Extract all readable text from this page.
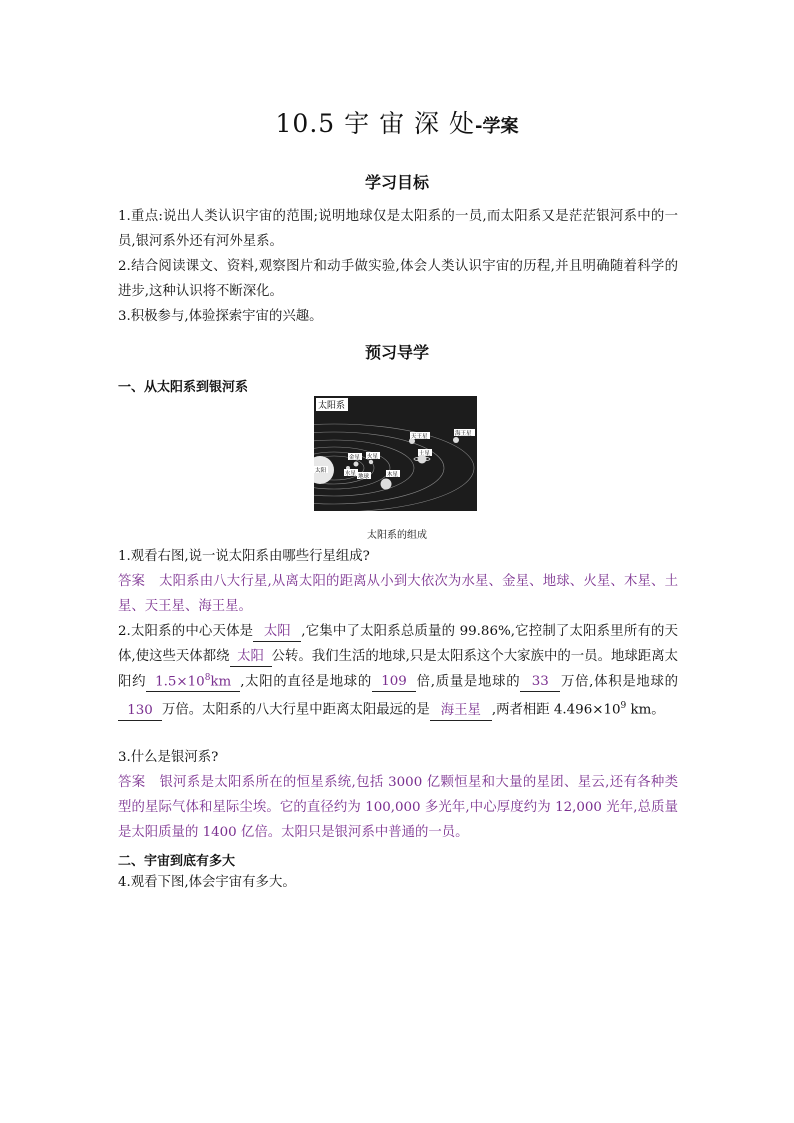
10.5 宇 宙 深 处-学案
学习目标
1.重点:说出人类认识宇宙的范围;说明地球仅是太阳系的一员,而太阳系又是茫茫银河系中的一员,银河系外还有河外星系。
2.结合阅读课文、资料,观察图片和动手做实验,体会人类认识宇宙的历程,并且明确随着科学的进步,这种认识将不断深化。
3.积极参与,体验探索宇宙的兴趣。
预习导学
一、从太阳系到银河系
太阳系
太阳	水星
金星
地球
火星
木星
土星
天王星	海王星
太阳系的组成
1.观看右图,说一说太阳系由哪些行星组成?
答案 太阳系由八大行星,从离太阳的距离从小到大依次为水星、金星、地球、火星、木星、土星、天王星、海王星。
2.太阳系的中心天体是 太阳 ,它集中了太阳系总质量的 99.86%,它控制了太阳系里所有的天体,使这些天体都绕 太阳 公转。我们生活的地球,只是太阳系这个大家族中的一员。地球距离太阳约 $1.5\times 10^8km$ ,太阳的直径是地球的 109 倍,质量是地球的 33 万倍,体积是地球的130 万倍。太阳系的八大行星中距离太阳最远的是 海王星 ,两者相距 $4.496\times 10^9$ km。
3.什么是银河系?
答案 银河系是太阳系所在的恒星系统,包括 3000 亿颗恒星和大量的星团、星云,还有各种类型的星际气体和星际尘埃。它的直径约为 100,000 多光年,中心厚度约为 12,000 光年,总质量是太阳质量的 1400 亿倍。太阳只是银河系中普通的一员。
二、宇宙到底有多大
4.观看下图,体会宇宙有多大。
